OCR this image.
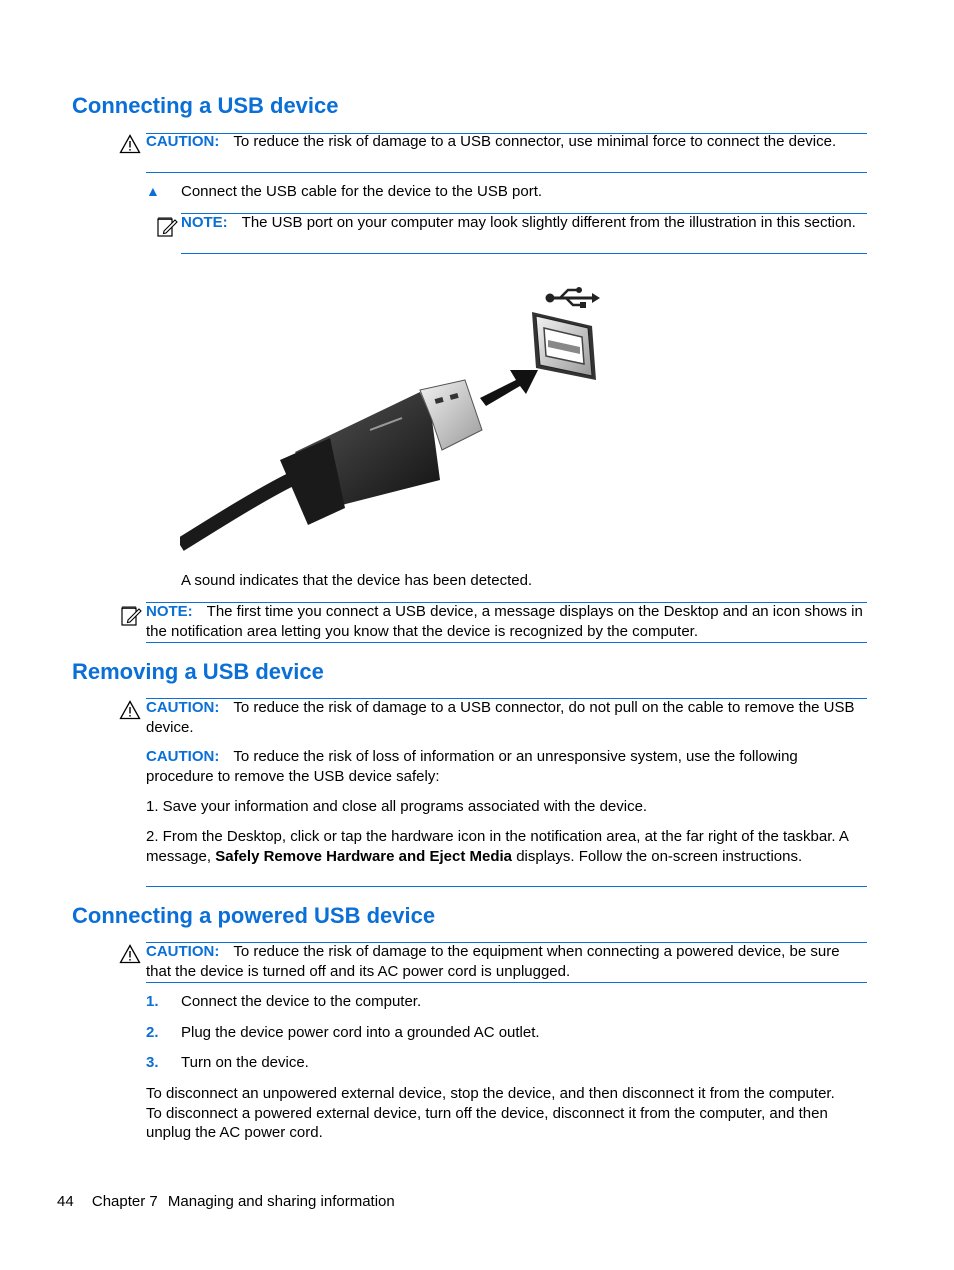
Connecting a USB device
CAUTION: To reduce the risk of damage to a USB connector, use minimal force to connect the device.
▲ Connect the USB cable for the device to the USB port.
NOTE: The USB port on your computer may look slightly different from the illustration in this section.
A sound indicates that the device has been detected.
NOTE: The first time you connect a USB device, a message displays on the Desktop and an icon shows in the notification area letting you know that the device is recognized by the computer.
Removing a USB device
CAUTION: To reduce the risk of damage to a USB connector, do not pull on the cable to remove the USB device.
CAUTION: To reduce the risk of loss of information or an unresponsive system, use the following procedure to remove the USB device safely:
1. Save your information and close all programs associated with the device.
2. From the Desktop, click or tap the hardware icon in the notification area, at the far right of the taskbar. A message, Safely Remove Hardware and Eject Media displays. Follow the on-screen instructions.
Connecting a powered USB device
CAUTION: To reduce the risk of damage to the equipment when connecting a powered device, be sure that the device is turned off and its AC power cord is unplugged.
1. Connect the device to the computer.
2. Plug the device power cord into a grounded AC outlet.
3. Turn on the device.
To disconnect an unpowered external device, stop the device, and then disconnect it from the computer. To disconnect a powered external device, turn off the device, disconnect it from the computer, and then unplug the AC power cord.
44 Chapter 7 Managing and sharing information
